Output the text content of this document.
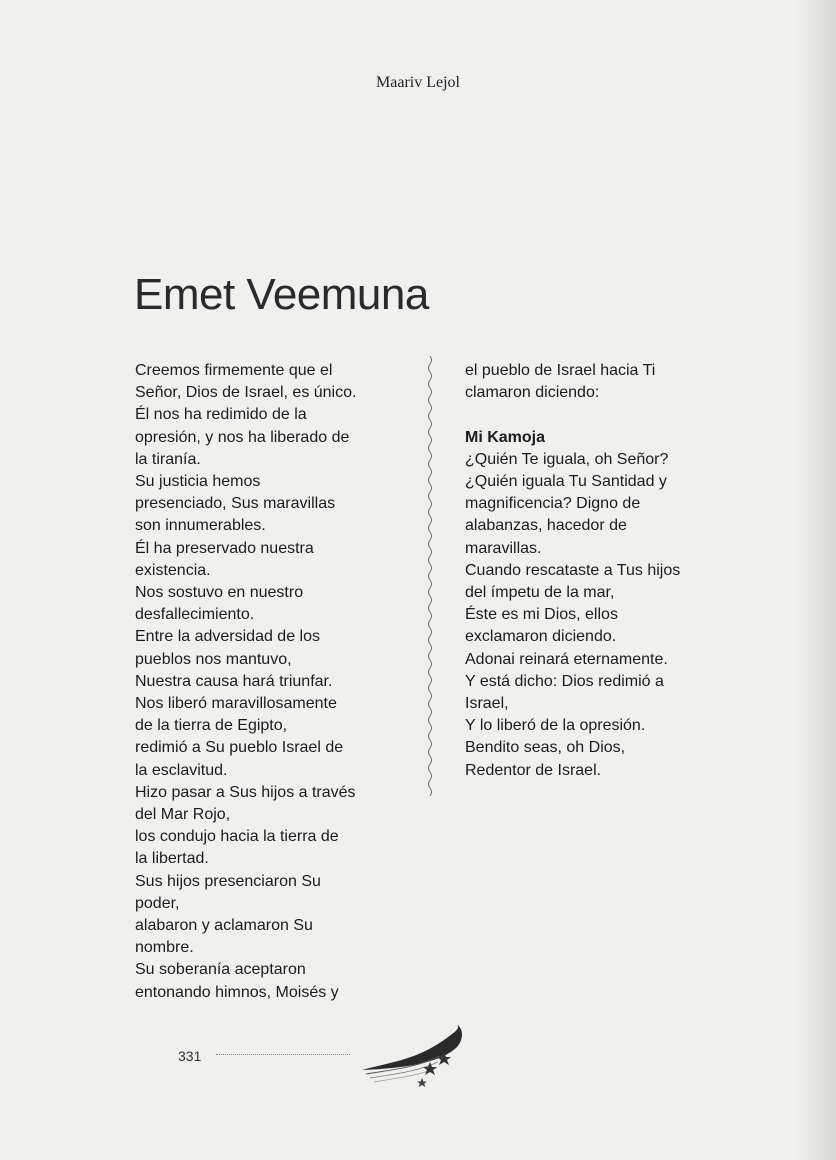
Maariv Lejol
Emet Veemuna
Creemos firmemente que el
Señor, Dios de Israel, es único.
Él nos ha redimido de la
opresión, y nos ha liberado de
la tiranía.
Su justicia hemos
presenciado, Sus maravillas
son innumerables.
Él ha preservado nuestra
existencia.
Nos sostuvo en nuestro
desfallecimiento.
Entre la adversidad de los
pueblos nos mantuvo,
Nuestra causa hará triunfar.
Nos liberó maravillosamente
de la tierra de Egipto,
redimió a Su pueblo Israel de
la esclavitud.
Hizo pasar a Sus hijos a través
del Mar Rojo,
los condujo hacia la tierra de
la libertad.
Sus hijos presenciaron Su
poder,
alabaron y aclamaron Su
nombre.
Su soberanía aceptaron
entonando himnos, Moisés y
el pueblo de Israel hacia Ti
clamaron diciendo:
Mi Kamoja
¿Quién Te iguala, oh Señor?
¿Quién iguala Tu Santidad y
magnificencia? Digno de
alabanzas, hacedor de
maravillas.
Cuando rescataste a Tus hijos
del ímpetu de la mar,
Éste es mi Dios, ellos
exclamaron diciendo.
Adonai reinará eternamente.
Y está dicho: Dios redimió a
Israel,
Y lo liberó de la opresión.
Bendito seas, oh Dios,
Redentor de Israel.
331
